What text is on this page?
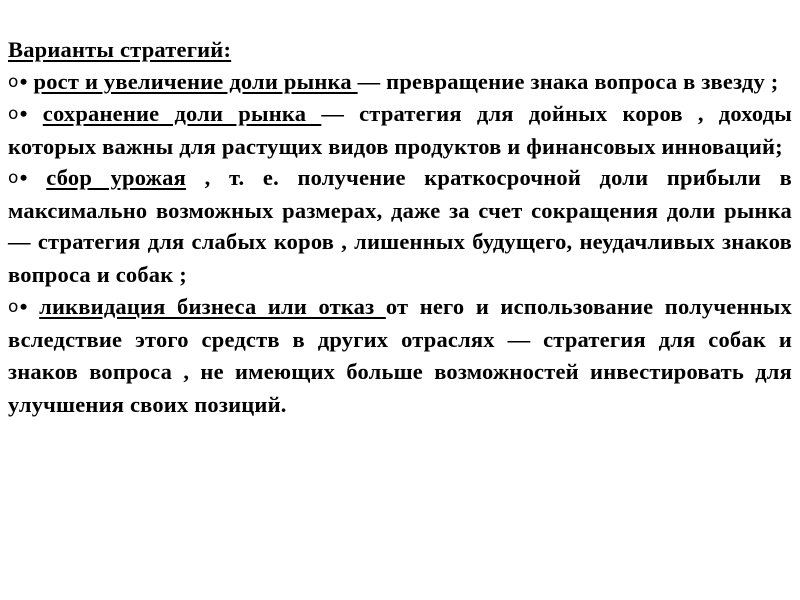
Варианты стратегий:
o• рост и увеличение доли рынка — превращение знака вопроса в звезду ;
o• сохранение доли рынка — стратегия для дойных коров , доходы которых важны для растущих видов продуктов и финансовых инноваций;
o• сбор урожая , т. е. получение краткосрочной доли прибыли в максимально возможных размерах, даже за счет сокращения доли рынка — стратегия для слабых коров , лишенных будущего, неудачливых знаков вопроса и собак ;
o• ликвидация бизнеса или отказ от него и использование полученных вследствие этого средств в других отраслях — стратегия для собак и знаков вопроса , не имеющих больше возможностей инвестировать для улучшения своих позиций.
